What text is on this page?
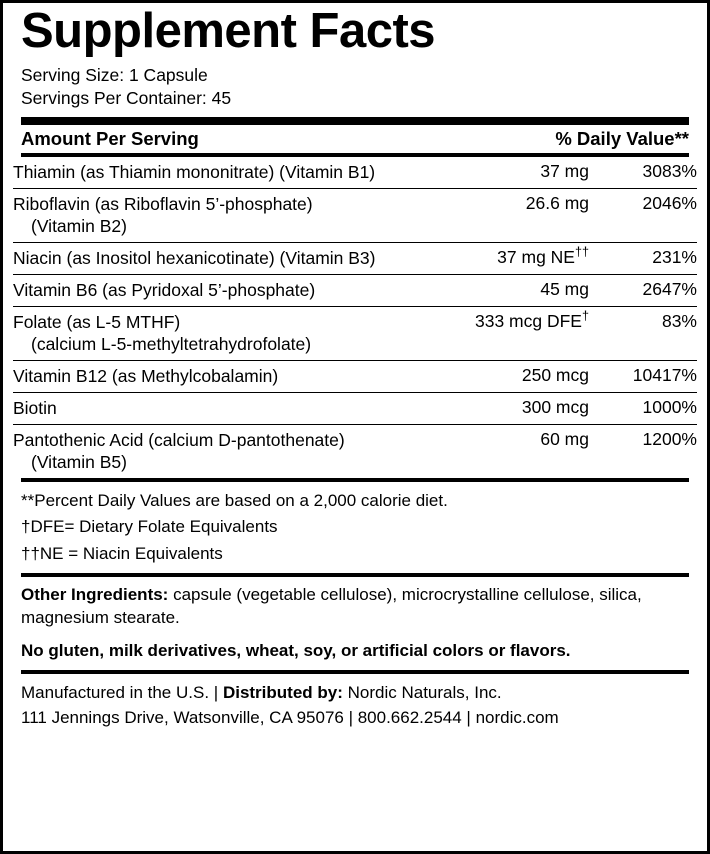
Supplement Facts
Serving Size: 1 Capsule
Servings Per Container: 45
Amount Per Serving	% Daily Value**
Thiamin (as Thiamin mononitrate) (Vitamin B1)	37 mg	3083%
Riboflavin (as Riboflavin 5’-phosphate)
(Vitamin B2)	26.6 mg	2046%
Niacin (as Inositol hexanicotinate) (Vitamin B3)	37 mg NE††	231%
Vitamin B6 (as Pyridoxal 5’-phosphate)	45 mg	2647%
Folate (as L-5 MTHF)
(calcium L-5-methyltetrahydrofolate)	333 mcg DFE†	83%
Vitamin B12 (as Methylcobalamin)	250 mcg	10417%
Biotin	300 mcg	1000%
Pantothenic Acid (calcium D-pantothenate)
(Vitamin B5)	60 mg	1200%
**Percent Daily Values are based on a 2,000 calorie diet.
†DFE= Dietary Folate Equivalents
††NE = Niacin Equivalents
Other Ingredients: capsule (vegetable cellulose), microcrystalline cellulose, silica, magnesium stearate.
No gluten, milk derivatives, wheat, soy, or artificial colors or flavors.
Manufactured in the U.S. | Distributed by: Nordic Naturals, Inc.
111 Jennings Drive, Watsonville, CA 95076 | 800.662.2544 | nordic.com
